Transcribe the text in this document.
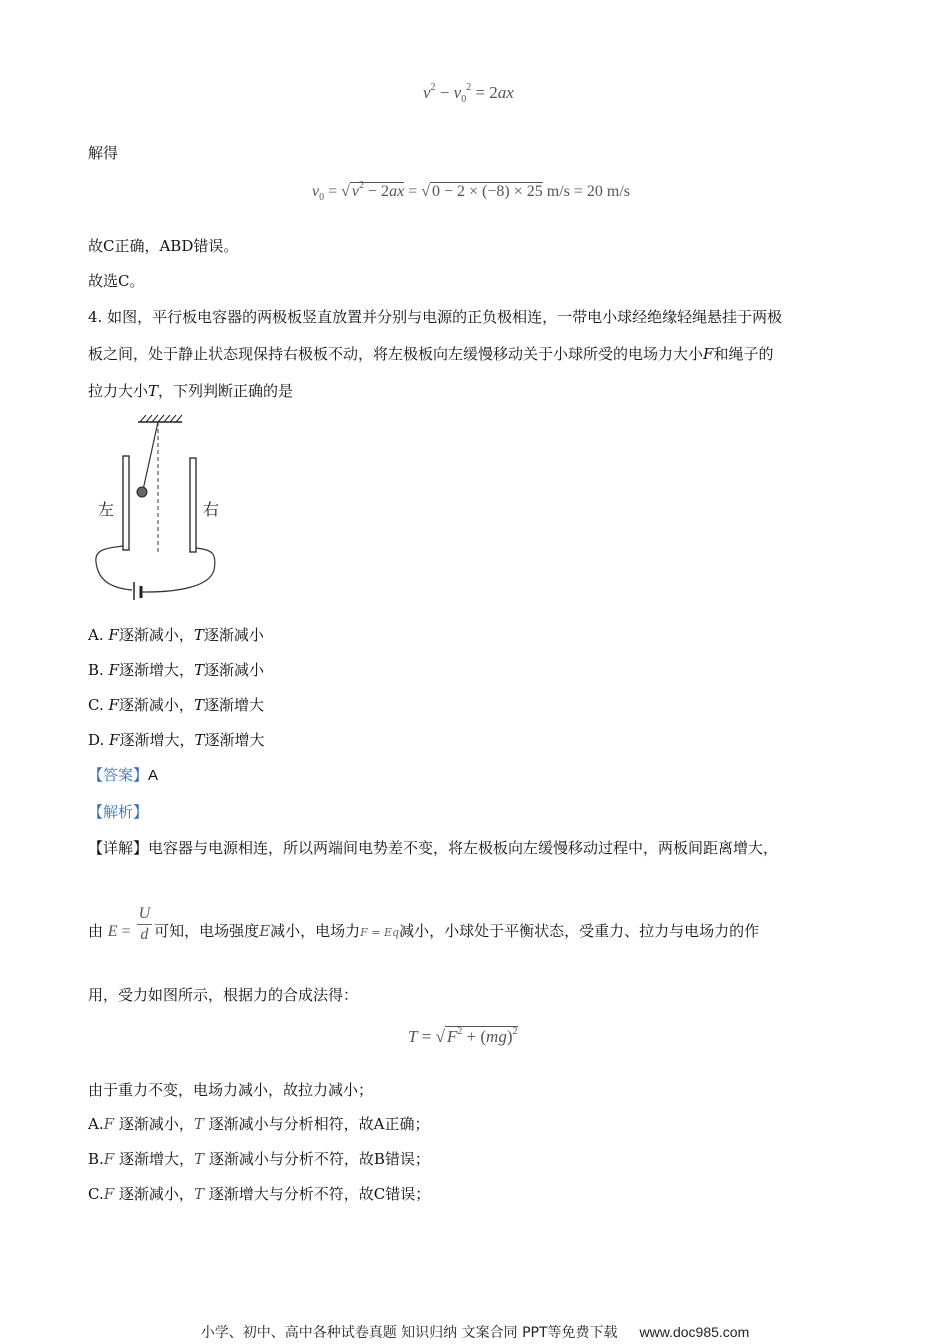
$v^2 - v_0^2 = 2ax$
解得
$v_0$ = √ $v^2 - 2ax$ = √ 0 − 2 × (−8) × 25 m/s = 20 m/s
故C正确，ABD错误。
故选C。
4. 如图，平行板电容器的两极板竖直放置并分别与电源的正负极相连，一带电小球经绝缘轻绳悬挂于两极
板之间，处于静止状态现保持右极板不动，将左极板向左缓慢移动关于小球所受的电场力大小F和绳子的
拉力大小T，下列判断正确的是
左	右
A. F逐渐减小，T逐渐减小
B. F逐渐增大，T逐渐减小
C. F逐渐减小，T逐渐增大
D. F逐渐增大，T逐渐增大
【答案】A
【解析】
【详解】电容器与电源相连，所以两端间电势差不变，将左极板向左缓慢移动过程中，两板间距离增大，
由 $E = \frac{U}{d}$ 可知，电场强度E减小，电场力F = Eq减小，小球处于平衡状态，受重力、拉力与电场力的作
用，受力如图所示，根据力的合成法得：
T = √ $F^2 + (mg)^2$
由于重力不变，电场力减小，故拉力减小；
A.F 逐渐减小，T 逐渐减小与分析相符，故A正确；
B.F 逐渐增大，T 逐渐减小与分析不符，故B错误；
C.F 逐渐减小，T 逐渐增大与分析不符，故C错误；
小学、初中、高中各种试卷真题 知识归纳 文案合同 PPT等免费下载 www.doc985.com
